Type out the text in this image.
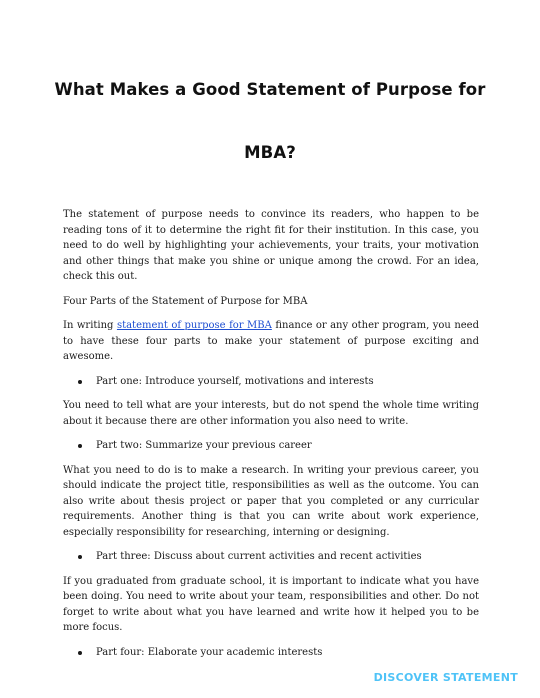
What Makes a Good Statement of Purpose for
MBA?

The statement of purpose needs to convince its readers, who happen to be reading tons of it to determine the right fit for their institution. In this case, you need to do well by highlighting your achievements, your traits, your motivation and other things that make you shine or unique among the crowd. For an idea, check this out.

Four Parts of the Statement of Purpose for MBA

In writing statement of purpose for MBA finance or any other program, you need to have these four parts to make your statement of purpose exciting and awesome.

Part one: Introduce yourself, motivations and interests

You need to tell what are your interests, but do not spend the whole time writing about it because there are other information you also need to write.

Part two: Summarize your previous career

What you need to do is to make a research. In writing your previous career, you should indicate the project title, responsibilities as well as the outcome. You can also write about thesis project or paper that you completed or any curricular requirements. Another thing is that you can write about work experience, especially responsibility for researching, interning or designing.

Part three: Discuss about current activities and recent activities

If you graduated from graduate school, it is important to indicate what you have been doing. You need to write about your team, responsibilities and other. Do not forget to write about what you have learned and write how it helped you to be more focus.

Part four: Elaborate your academic interests
DISCOVER STATEMENT
